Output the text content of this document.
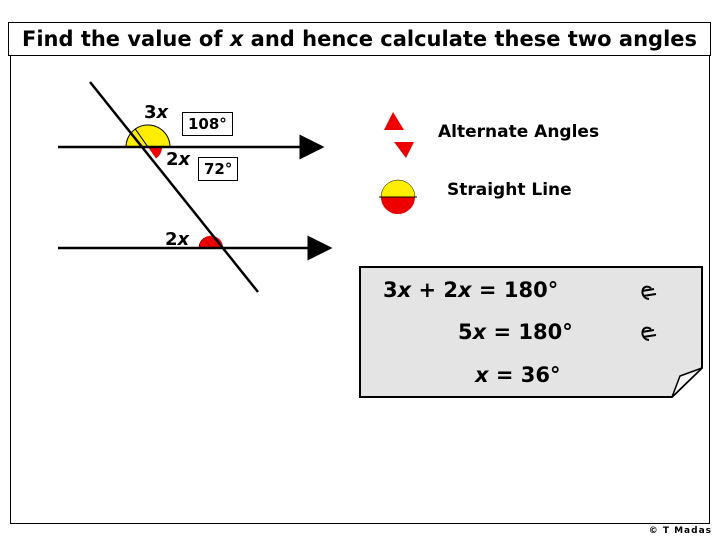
Find the value of x and hence calculate these two angles
3x
2x
2x
108°
72°
Alternate Angles
Straight Line
3x + 2x = 180°
5x = 180°
x = 36°
© T Madas
